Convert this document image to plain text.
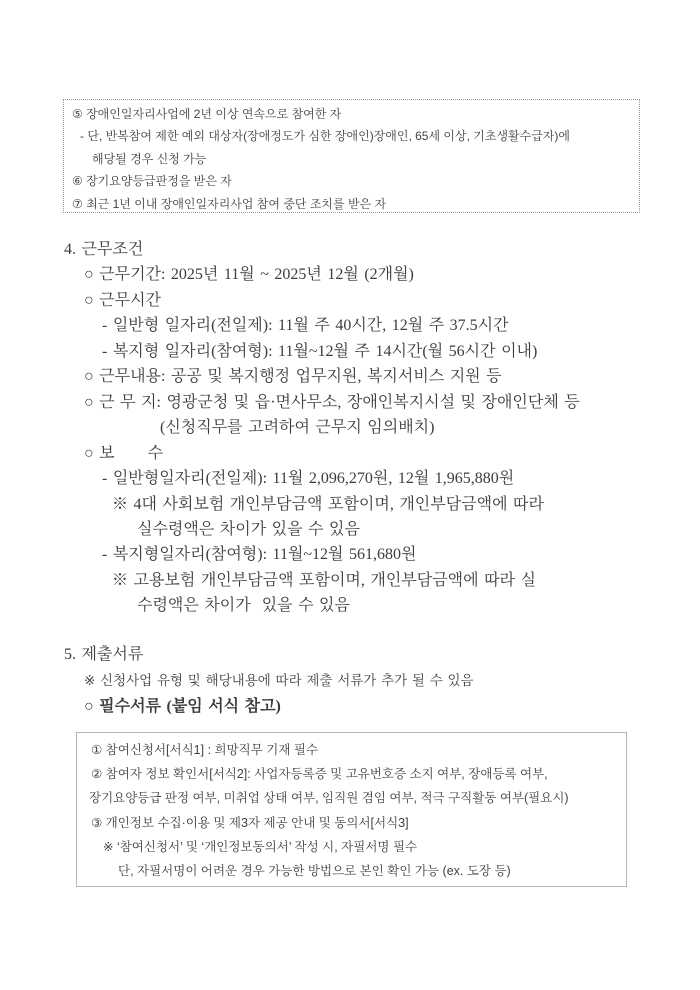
⑤ 장애인일자리사업에 2년 이상 연속으로 참여한 자
- 단, 반복참여 제한 예외 대상자(장애정도가 심한 장애인)장애인, 65세 이상, 기초생활수급자)에
해당될 경우 신청 가능
⑥ 장기요양등급판정을 받은 자
⑦ 최근 1년 이내 장애인일자리사업 참여 중단 조치를 받은 자
4. 근무조건
○ 근무기간: 2025년 11월 ~ 2025년 12월 (2개월)
○ 근무시간
- 일반형 일자리(전일제): 11월 주 40시간, 12월 주 37.5시간
- 복지형 일자리(참여형): 11월~12월 주 14시간(월 56시간 이내)
○ 근무내용: 공공 및 복지행정 업무지원, 복지서비스 지원 등
○ 근 무 지: 영광군청 및 읍·면사무소, 장애인복지시설 및 장애인단체 등
(신청직무를 고려하여 근무지 임의배치)
○ 보      수
- 일반형일자리(전일제): 11월 2,096,270원, 12월 1,965,880원
※ 4대 사회보험 개인부담금액 포함이며, 개인부담금액에 따라
실수령액은 차이가 있을 수 있음
- 복지형일자리(참여형): 11월~12월 561,680원
※ 고용보험 개인부담금액 포함이며, 개인부담금액에 따라 실
수령액은 차이가  있을 수 있음
5. 제출서류
※ 신청사업 유형 및 해당내용에 따라 제출 서류가 추가 될 수 있음
○ 필수서류 (붙임 서식 참고)
① 참여신청서[서식1] : 희망직무 기재 필수
② 참여자 정보 확인서[서식2]: 사업자등록증 및 고유번호증 소지 여부, 장애등록 여부,
장기요양등급 판정 여부, 미취업 상태 여부, 임직원 겸임 여부, 적극 구직활동 여부(필요시)
③ 개인정보 수집·이용 및 제3자 제공 안내 및 동의서[서식3]
※ ‘참여신청서’ 및 ‘개인정보동의서’ 작성 시, 자필서명 필수
단, 자필서명이 어려운 경우 가능한 방법으로 본인 확인 가능 (ex. 도장 등)
